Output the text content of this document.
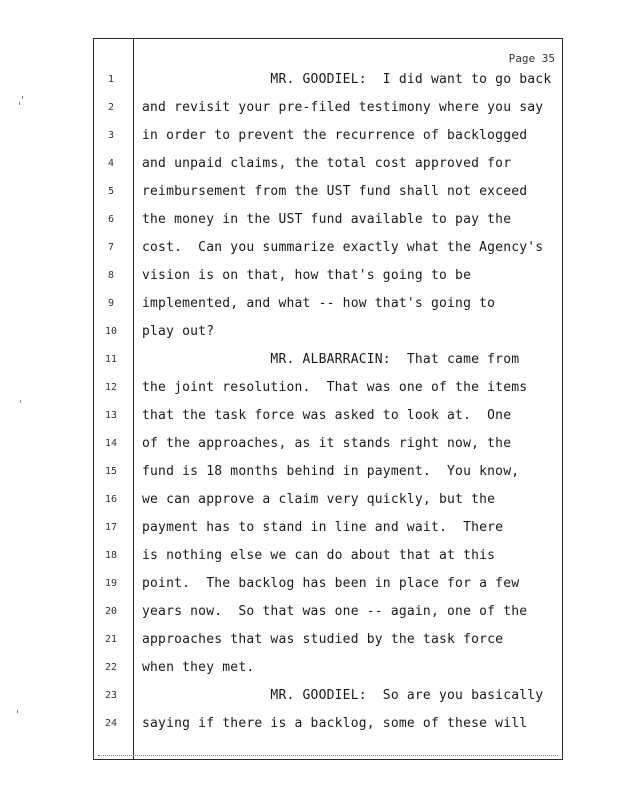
Page 35
1	MR. GOODIEL:  I did want to go back
2	and revisit your pre-filed testimony where you say
3	in order to prevent the recurrence of backlogged
4	and unpaid claims, the total cost approved for
5	reimbursement from the UST fund shall not exceed
6	the money in the UST fund available to pay the
7	cost.  Can you summarize exactly what the Agency's
8	vision is on that, how that's going to be
9	implemented, and what -- how that's going to
10	play out?
11	MR. ALBARRACIN:  That came from
12	the joint resolution.  That was one of the items
13	that the task force was asked to look at.  One
14	of the approaches, as it stands right now, the
15	fund is 18 months behind in payment.  You know,
16	we can approve a claim very quickly, but the
17	payment has to stand in line and wait.  There
18	is nothing else we can do about that at this
19	point.  The backlog has been in place for a few
20	years now.  So that was one -- again, one of the
21	approaches that was studied by the task force
22	when they met.
23	MR. GOODIEL:  So are you basically
24	saying if there is a backlog, some of these will
